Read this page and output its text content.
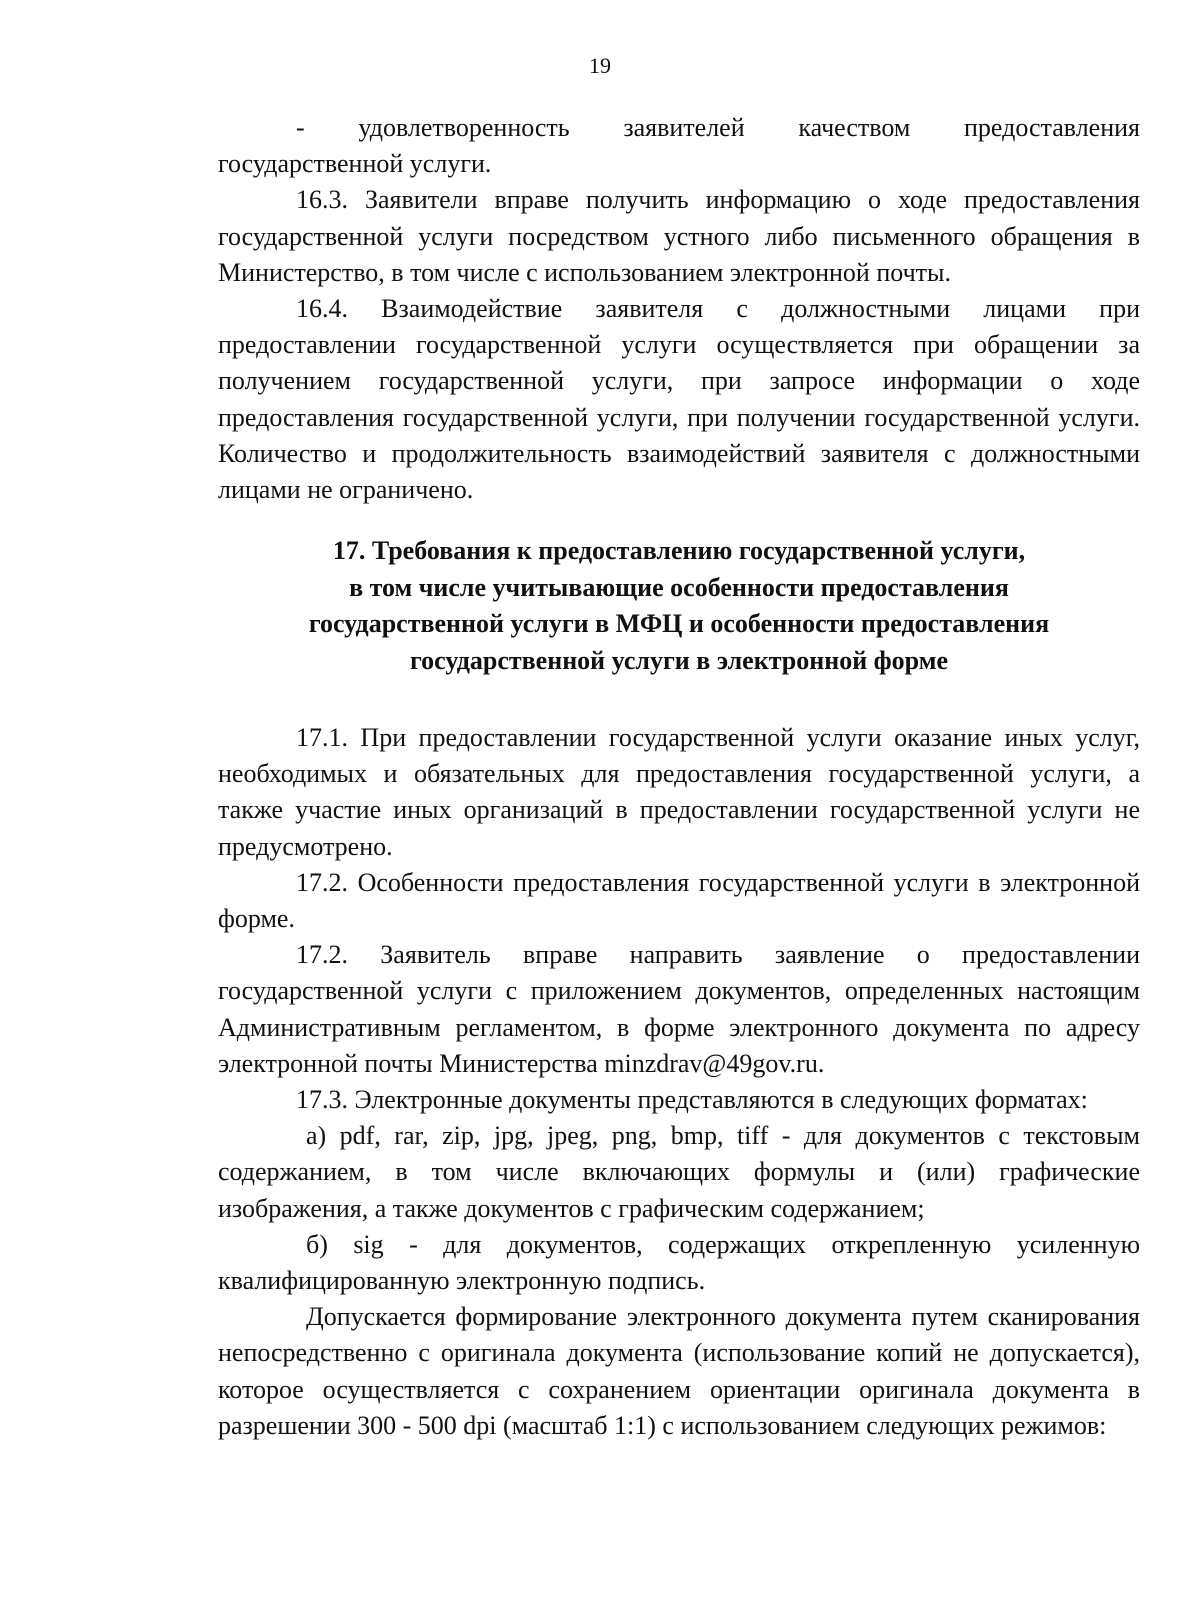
19

- удовлетворенность заявителей качеством предоставления государственной услуги.

16.3. Заявители вправе получить информацию о ходе предоставления государственной услуги посредством устного либо письменного обращения в Министерство, в том числе с использованием электронной почты.

16.4. Взаимодействие заявителя с должностными лицами при предоставлении государственной услуги осуществляется при обращении за получением государственной услуги, при запросе информации о ходе предоставления государственной услуги, при получении государственной услуги. Количество и продолжительность взаимодействий заявителя с должностными лицами не ограничено.

17. Требования к предоставлению государственной услуги,
в том числе учитывающие особенности предоставления
государственной услуги в МФЦ и особенности предоставления
государственной услуги в электронной форме

17.1. При предоставлении государственной услуги оказание иных услуг, необходимых и обязательных для предоставления государственной услуги, а также участие иных организаций в предоставлении государственной услуги не предусмотрено.

17.2. Особенности предоставления государственной услуги в электронной форме.

17.2. Заявитель вправе направить заявление о предоставлении государственной услуги с приложением документов, определенных настоящим Административным регламентом, в форме электронного документа по адресу электронной почты Министерства minzdrav@49gov.ru.

17.3. Электронные документы представляются в следующих форматах:

а) pdf, rar, zip, jpg, jpeg, png, bmp, tiff - для документов с текстовым содержанием, в том числе включающих формулы и (или) графические изображения, а также документов с графическим содержанием;

б) sig - для документов, содержащих открепленную усиленную квалифицированную электронную подпись.

Допускается формирование электронного документа путем сканирования непосредственно с оригинала документа (использование копий не допускается), которое осуществляется с сохранением ориентации оригинала документа в разрешении 300 - 500 dpi (масштаб 1:1) с использованием следующих режимов:
